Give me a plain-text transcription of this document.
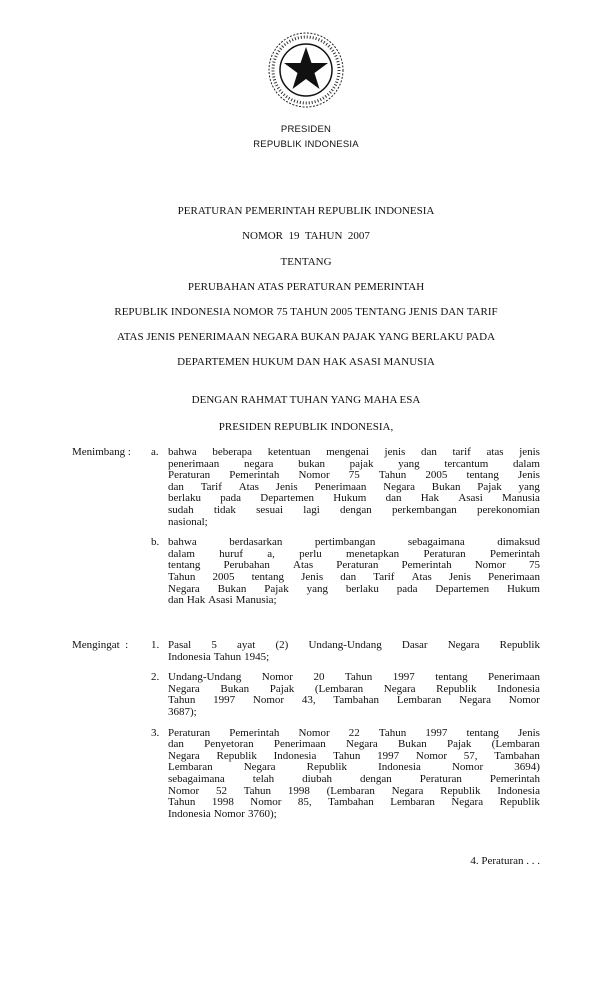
PRESIDEN
REPUBLIK INDONESIA
PERATURAN PEMERINTAH REPUBLIK INDONESIA
NOMOR  19  TAHUN  2007
TENTANG
PERUBAHAN ATAS PERATURAN PEMERINTAH
REPUBLIK INDONESIA NOMOR 75 TAHUN 2005 TENTANG JENIS DAN TARIF
ATAS JENIS PENERIMAAN NEGARA BUKAN PAJAK YANG BERLAKU PADA
DEPARTEMEN HUKUM DAN HAK ASASI MANUSIA
DENGAN RAHMAT TUHAN YANG MAHA ESA
PRESIDEN REPUBLIK INDONESIA,
Menimbang : a. bahwa beberapa ketentuan mengenai jenis dan tarif atas jenis
penerimaan negara bukan pajak yang tercantum dalam
Peraturan Pemerintah Nomor 75 Tahun 2005 tentang Jenis
dan Tarif Atas Jenis Penerimaan Negara Bukan Pajak yang
berlaku pada Departemen Hukum dan Hak Asasi Manusia
sudah tidak sesuai lagi dengan perkembangan perekonomian
nasional;
b. bahwa	berdasarkan	pertimbangan	sebagaimana	dimaksud
dalam huruf a, perlu menetapkan Peraturan Pemerintah
tentang Perubahan Atas Peraturan Pemerintah Nomor 75
Tahun 2005 tentang Jenis dan Tarif Atas Jenis Penerimaan
Negara Bukan Pajak yang berlaku pada Departemen Hukum
dan Hak Asasi Manusia;
Mengingat  : 1. Pasal 5 ayat (2) Undang-Undang Dasar Negara Republik
Indonesia Tahun 1945;
2. Undang-Undang Nomor 20 Tahun 1997 tentang Penerimaan
Negara Bukan Pajak (Lembaran Negara Republik Indonesia
Tahun 1997 Nomor 43, Tambahan Lembaran Negara Nomor
3687);
3. Peraturan Pemerintah Nomor 22 Tahun 1997 tentang Jenis
dan Penyetoran Penerimaan Negara Bukan Pajak (Lembaran
Negara Republik Indonesia Tahun 1997 Nomor 57, Tambahan
Lembaran	Negara	Republik	Indonesia	Nomor	3694)
sebagaimana	telah	diubah	dengan	Peraturan	Pemerintah
Nomor 52 Tahun 1998 (Lembaran Negara Republik Indonesia
Tahun 1998 Nomor 85, Tambahan Lembaran Negara Republik
Indonesia Nomor 3760);
4. Peraturan . . .
